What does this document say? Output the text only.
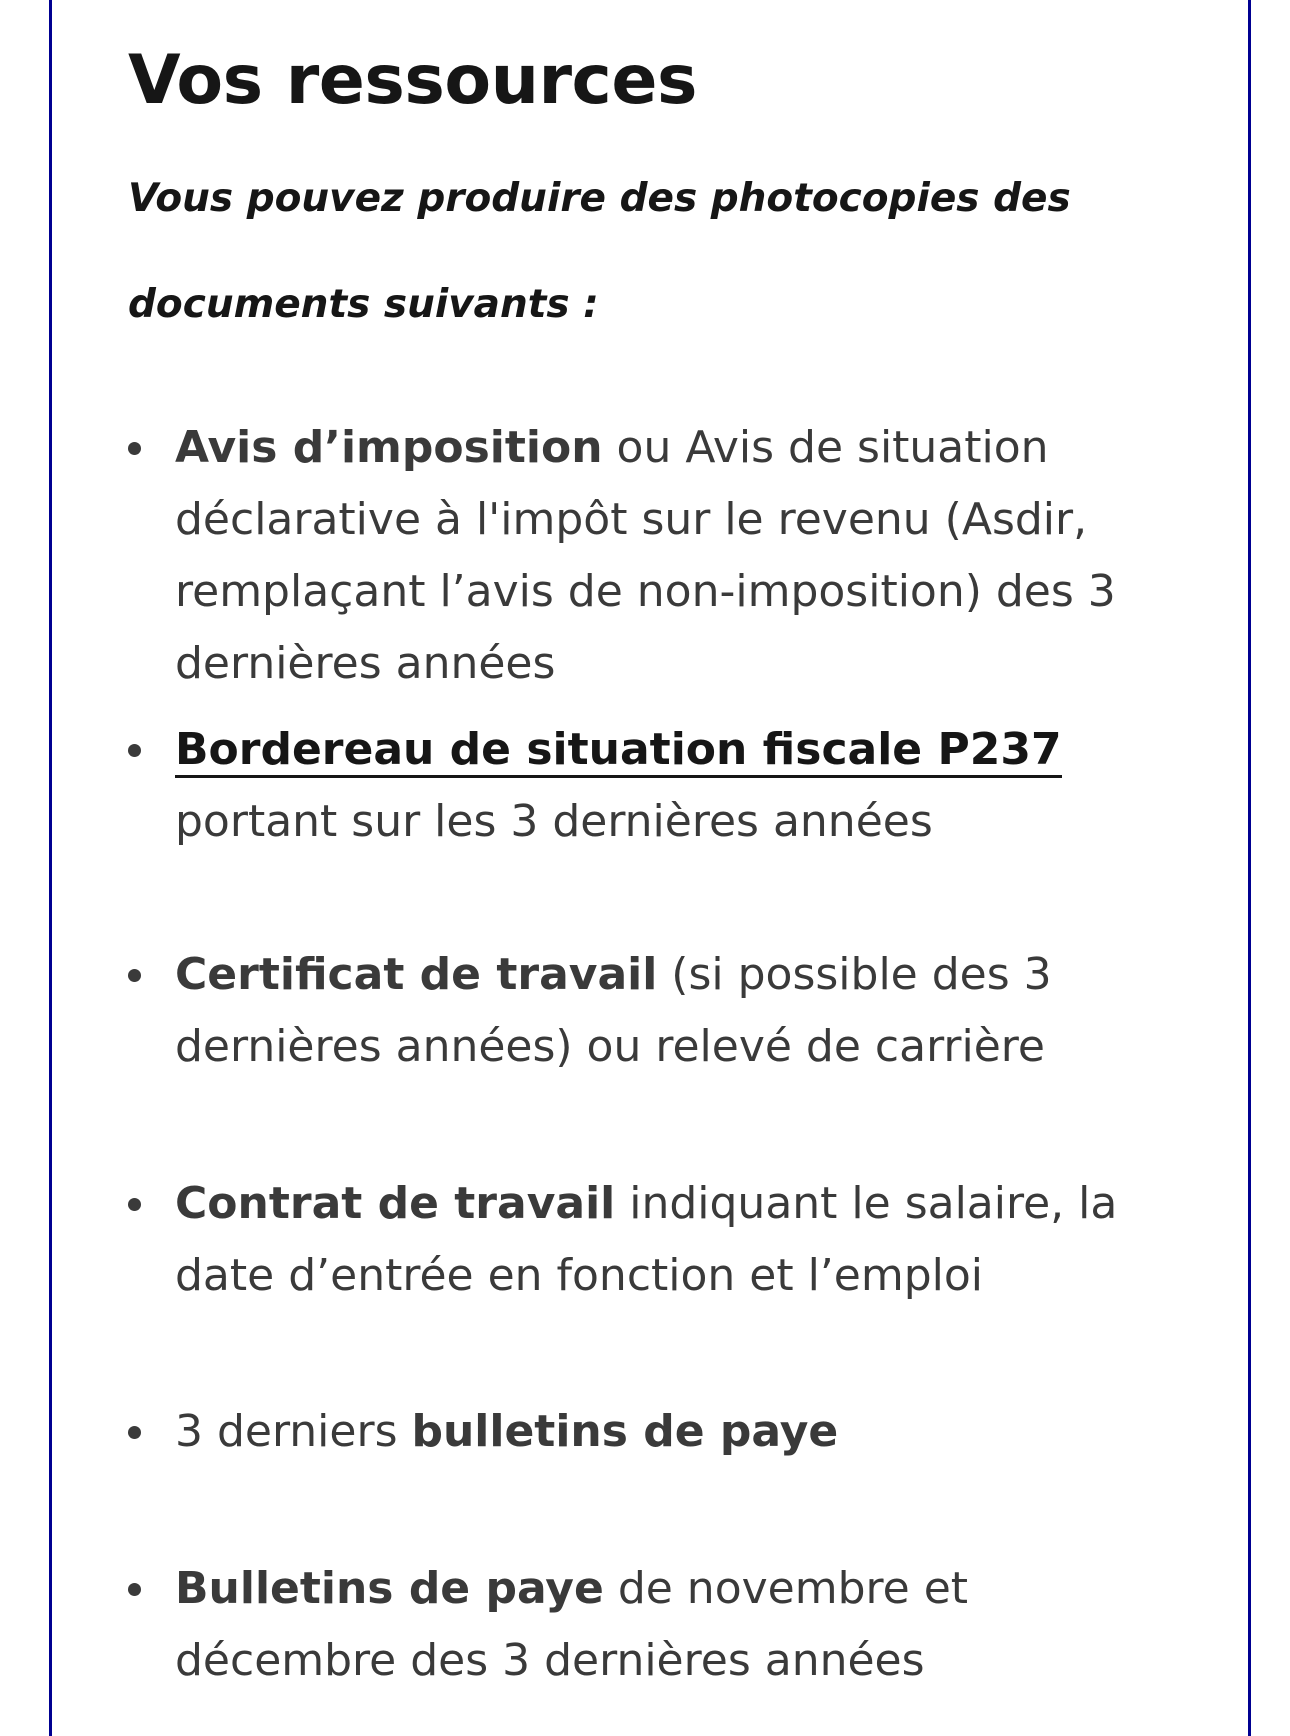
Vos ressources

Vous pouvez produire des photocopies des
documents suivants :

Avis d’imposition ou Avis de situation
déclarative à l'impôt sur le revenu (Asdir,
remplaçant l’avis de non-imposition) des 3
dernières années
Bordereau de situation fiscale P237
portant sur les 3 dernières années
Certificat de travail (si possible des 3
dernières années) ou relevé de carrière
Contrat de travail indiquant le salaire, la
date d’entrée en fonction et l’emploi
3 derniers bulletins de paye
Bulletins de paye de novembre et
décembre des 3 dernières années
